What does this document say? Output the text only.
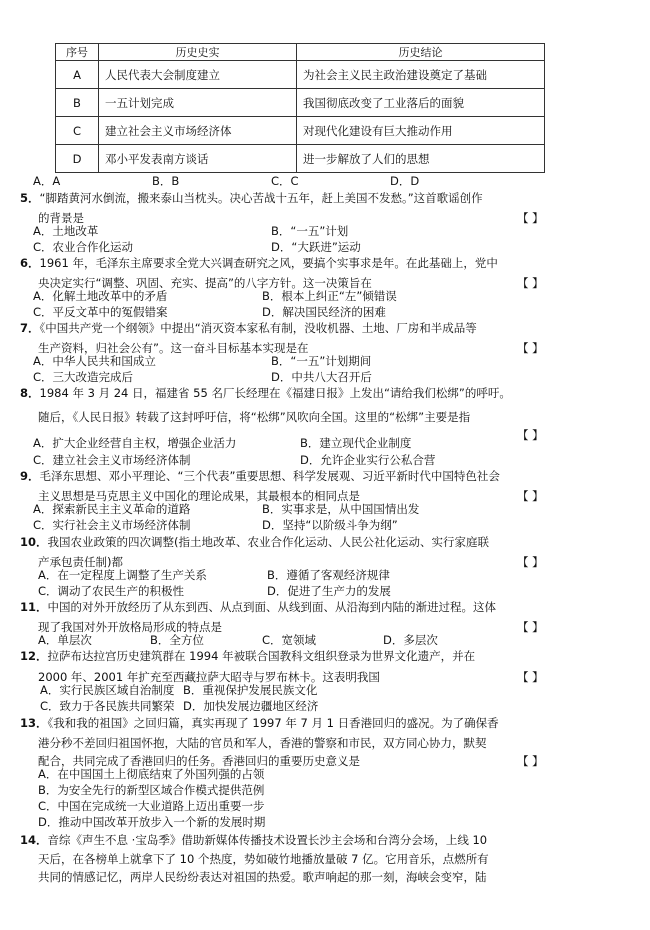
序号	历史史实	历史结论
A	人民代表大会制度建立	为社会主义民主政治建设奠定了基础
B	一五计划完成	我国彻底改变了工业落后的面貌
C	建立社会主义市场经济体	对现代化建设有巨大推动作用
D	邓小平发表南方谈话	进一步解放了人们的思想
A．A	B．B	C．C	D．D
5．“脚踏黄河水倒流，搬来泰山当枕头。决心苦战十五年，赶上美国不发愁。”这首歌谣创作
的背景是	【 】
A．土地改革	B．“一五”计划
C．农业合作化运动	D．“大跃进”运动
6．1961 年，毛泽东主席要求全党大兴调查研究之风，要搞个实事求是年。在此基础上，党中
央决定实行“调整、巩固、充实、提高”的八字方针。这一决策旨在	【 】
A．化解土地改革中的矛盾	B．根本上纠正“左”倾错误
C．平反文革中的冤假错案	D．解决国民经济的困难
7．《中国共产党一个纲领》中提出“消灭资本家私有制，没收机器、土地、厂房和半成品等
生产资料，归社会公有”。这一奋斗目标基本实现是在	【 】
A．中华人民共和国成立	B．“一五”计划期间
C．三大改造完成后	D．中共八大召开后
8．1984 年 3 月 24 日，福建省 55 名厂长经理在《福建日报》上发出“请给我们松绑”的呼吁。
随后，《人民日报》转载了这封呼吁信，将“松绑”风吹向全国。这里的“松绑”主要是指
【 】
A．扩大企业经营自主权，增强企业活力	B．建立现代企业制度
C．建立社会主义市场经济体制	D．允许企业实行公私合营
9．毛泽东思想、邓小平理论、“三个代表”重要思想、科学发展观、习近平新时代中国特色社会
主义思想是马克思主义中国化的理论成果，其最根本的相同点是	【 】
A．探索新民主主义革命的道路	B．实事求是，从中国国情出发
C．实行社会主义市场经济体制	D．坚持“以阶级斗争为纲”
10．我国农业政策的四次调整(指土地改革、农业合作化运动、人民公社化运动、实行家庭联
产承包责任制)都	【 】
A．在一定程度上调整了生产关系	B．遵循了客观经济规律
C．调动了农民生产的积极性	D．促进了生产力的发展
11．中国的对外开放经历了从东到西、从点到面、从线到面、从沿海到内陆的渐进过程。这体
现了我国对外开放格局形成的特点是	【 】
A．单层次	B．全方位	C．宽领域	D．多层次
12．拉萨布达拉宫历史建筑群在 1994 年被联合国教科文组织登录为世界文化遗产，并在
2000 年、2001 年扩充至西藏拉萨大昭寺与罗布林卡。这表明我国	【 】
A．实行民族区域自治制度 B．重视保护发展民族文化
C．致力于各民族共同繁荣 D．加快发展边疆地区经济
13．《我和我的祖国》之回归篇，真实再现了 1997 年 7 月 1 日香港回归的盛况。为了确保香
港分秒不差回归祖国怀抱，大陆的官员和军人，香港的警察和市民，双方同心协力，默契
配合，共同完成了香港回归的任务。香港回归的重要历史意义是	【 】
A．在中国国土上彻底结束了外国列强的占领
B．为安全先行的新型区域合作模式提供范例
C．中国在完成统一大业道路上迈出重要一步
D．推动中国改革开放步入一个新的发展时期
14．音综《声生不息 ·宝岛季》借助新媒体传播技术设置长沙主会场和台湾分会场，上线 10
天后，在各榜单上就拿下了 10 个热度，势如破竹地播放量破 7 亿。它用音乐，点燃所有
共同的情感记忆，两岸人民纷纷表达对祖国的热爱。歌声响起的那一刻，海峡会变窄，陆
